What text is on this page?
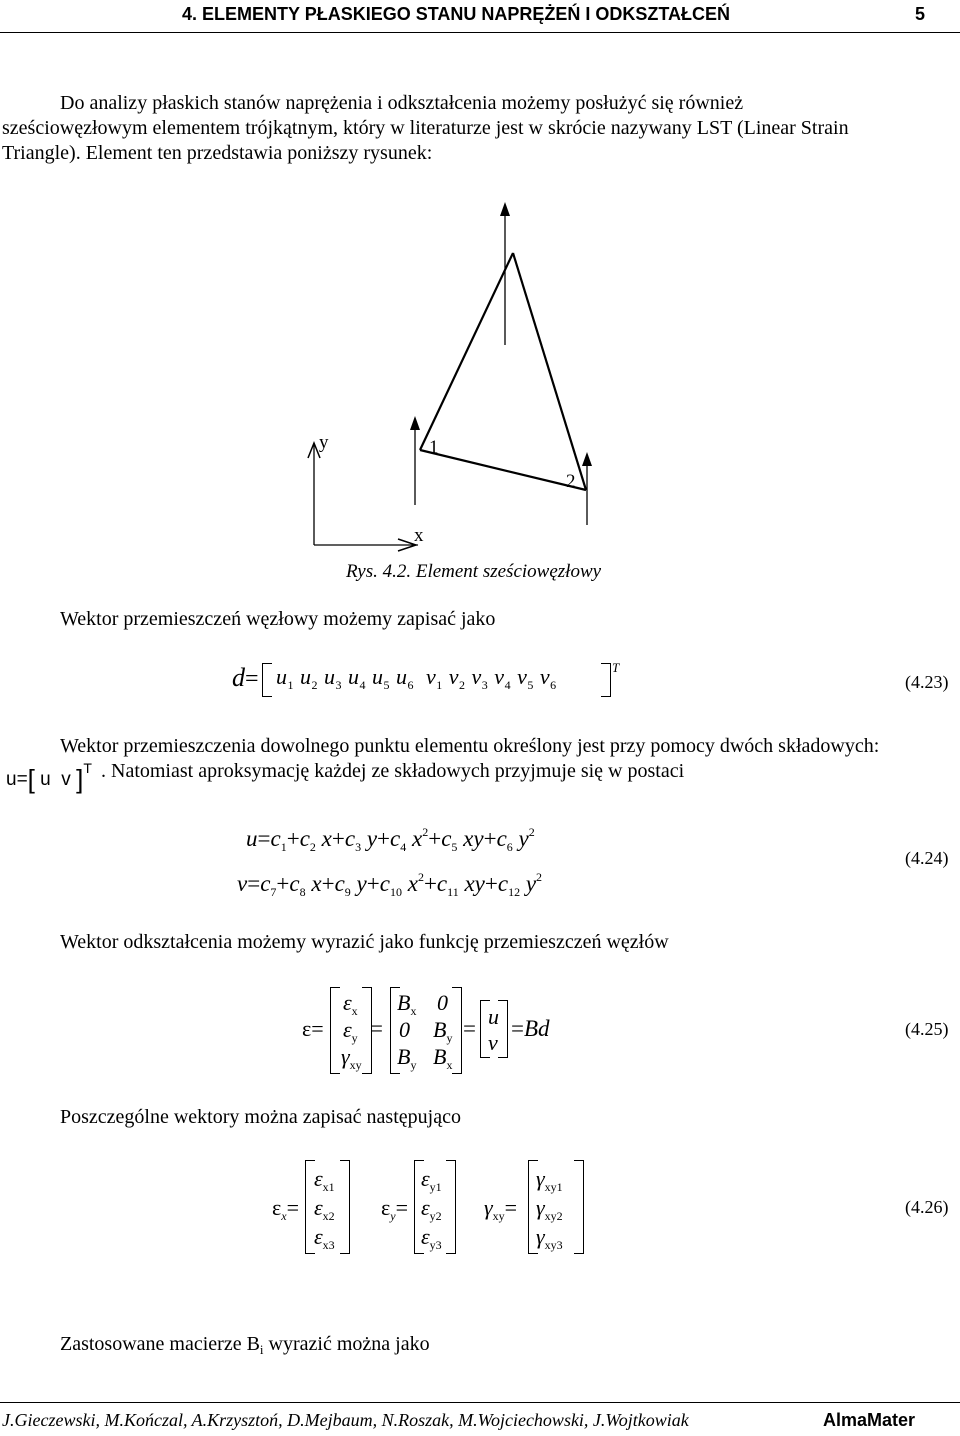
4. ELEMENTY PŁASKIEGO STANU NAPRĘŻEŃ I ODKSZTAŁCEŃ	5
Do analizy płaskich stanów naprężenia i odkształcenia możemy posłużyć się również
sześciowęzłowym elementem trójkątnym, który w literaturze jest w skrócie nazywany LST (Linear Strain
Triangle). Element ten przedstawia poniższy rysunek:
y
x
1
2
Rys. 4.2. Element sześciowęzłowy
Wektor przemieszczeń węzłowy możemy zapisać jako
$d= u_1$ $u_2$ $u_3$ $u_4$ $u_5$ $u_6$  $v_1$ $v_2$ $v_3$ $v_4$ $v_5$ $v_6$
T
(4.23)
Wektor przemieszczenia dowolnego punktu elementu określony jest przy pomocy dwóch składowych:
u=[ u  v ]$^T$ . Natomiast aproksymację każdej ze składowych przyjmuje się w postaci
$u=c_1+c_2$ $x+c_3$ $y+c_4$ $x^2+c_5$ $xy+c_6$ $y^2$
$v=c_7+c_8$ $x+c_9$ $y+c_{10}$ $x^2+c_{11}$ $xy+c_{12}$ $y^2$
(4.24)
Wektor odkształcenia możemy wyrazić jako funkcję przemieszczeń węzłów
ε=
$\varepsilon_x$
$\varepsilon_y$
$\gamma_{xy}$
=
$B_x$ 0
0 $B_y$
$B_y$ $B_x$
= u
v
=Bd	(4.25)
Poszczególne wektory można zapisać następująco
$\varepsilon_x=$
$\varepsilon_{x1}$
$\varepsilon_{x2}$
$\varepsilon_{x3}$
$\varepsilon_y=$
$\varepsilon_{y1}$
$\varepsilon_{y2}$
$\varepsilon_{y3}$
$\gamma_{xy}=$
$\gamma_{xy1}$
$\gamma_{xy2}$
$\gamma_{xy3}$
(4.26)
Zastosowane macierze $B_i$ wyrazić można jako
J.Gieczewski, M.Kończal, A.Krzysztoń, D.Mejbaum, N.Roszak, M.Wojciechowski, J.Wojtkowiak	AlmaMater
